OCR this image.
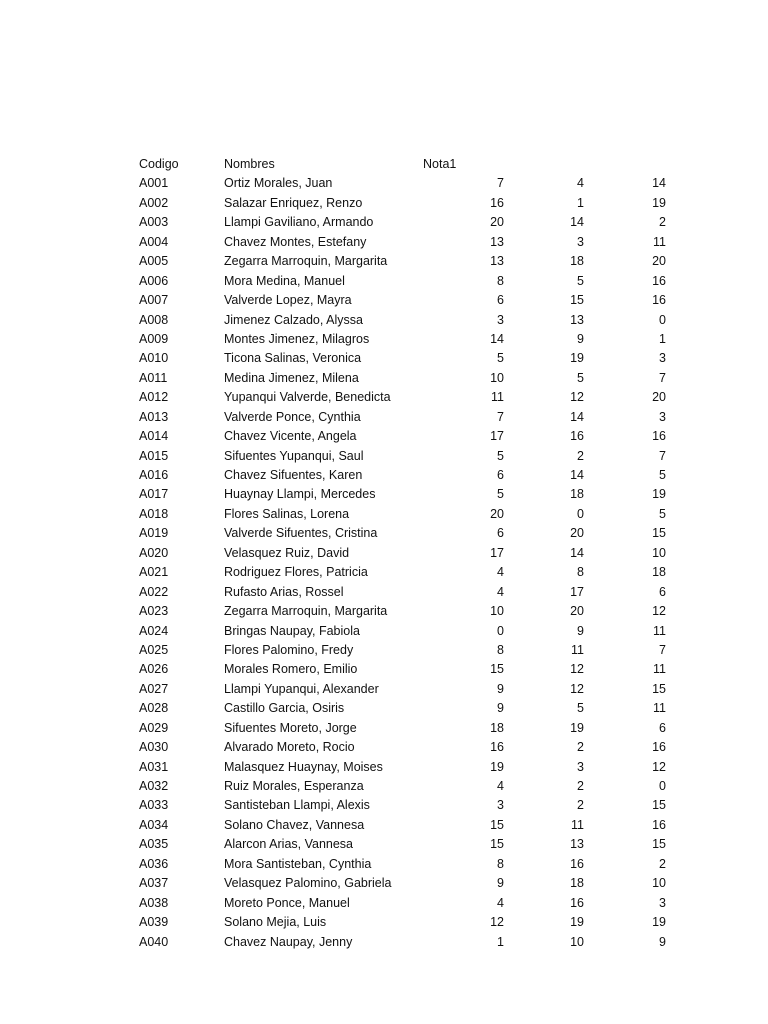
Codigo	Nombres	Nota1
A001	Ortiz Morales, Juan	7	4	14
A002	Salazar Enriquez, Renzo	16	1	19
A003	Llampi Gaviliano, Armando	20	14	2
A004	Chavez Montes, Estefany	13	3	11
A005	Zegarra Marroquin, Margarita	13	18	20
A006	Mora Medina, Manuel	8	5	16
A007	Valverde Lopez, Mayra	6	15	16
A008	Jimenez Calzado, Alyssa	3	13	0
A009	Montes Jimenez, Milagros	14	9	1
A010	Ticona Salinas, Veronica	5	19	3
A011	Medina Jimenez, Milena	10	5	7
A012	Yupanqui Valverde, Benedicta	11	12	20
A013	Valverde Ponce, Cynthia	7	14	3
A014	Chavez Vicente, Angela	17	16	16
A015	Sifuentes Yupanqui, Saul	5	2	7
A016	Chavez Sifuentes, Karen	6	14	5
A017	Huaynay Llampi, Mercedes	5	18	19
A018	Flores Salinas, Lorena	20	0	5
A019	Valverde Sifuentes, Cristina	6	20	15
A020	Velasquez Ruiz, David	17	14	10
A021	Rodriguez Flores, Patricia	4	8	18
A022	Rufasto Arias, Rossel	4	17	6
A023	Zegarra Marroquin, Margarita	10	20	12
A024	Bringas Naupay, Fabiola	0	9	11
A025	Flores Palomino, Fredy	8	11	7
A026	Morales Romero, Emilio	15	12	11
A027	Llampi Yupanqui, Alexander	9	12	15
A028	Castillo Garcia, Osiris	9	5	11
A029	Sifuentes Moreto, Jorge	18	19	6
A030	Alvarado Moreto, Rocio	16	2	16
A031	Malasquez Huaynay, Moises	19	3	12
A032	Ruiz Morales, Esperanza	4	2	0
A033	Santisteban Llampi, Alexis	3	2	15
A034	Solano Chavez, Vannesa	15	11	16
A035	Alarcon Arias, Vannesa	15	13	15
A036	Mora Santisteban, Cynthia	8	16	2
A037	Velasquez Palomino, Gabriela	9	18	10
A038	Moreto Ponce, Manuel	4	16	3
A039	Solano Mejia, Luis	12	19	19
A040	Chavez Naupay, Jenny	1	10	9
